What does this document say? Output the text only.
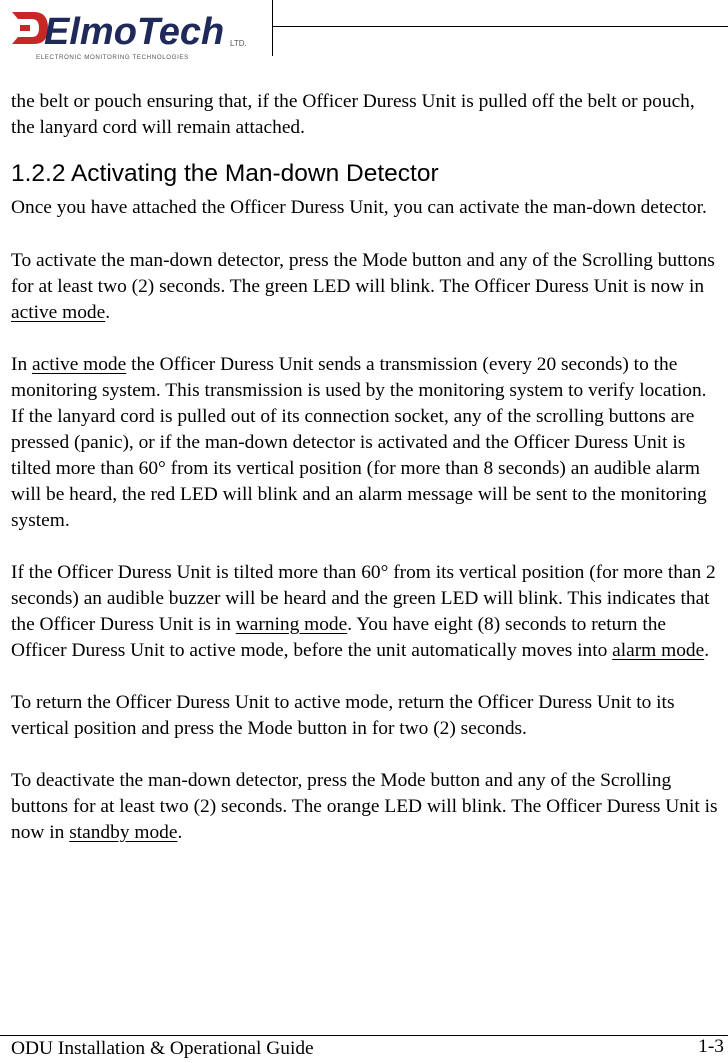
ElmoTech LTD.
ELECTRONIC MONITORING TECHNOLOGIES

the belt or pouch ensuring that, if the Officer Duress Unit is pulled off the belt or pouch, the lanyard cord will remain attached.

1.2.2 Activating the Man-down Detector

Once you have attached the Officer Duress Unit, you can activate the man-down detector.

To activate the man-down detector, press the Mode button and any of the Scrolling buttons for at least two (2) seconds. The green LED will blink. The Officer Duress Unit is now in active mode.

In active mode the Officer Duress Unit sends a transmission (every 20 seconds) to the monitoring system. This transmission is used by the monitoring system to verify location. If the lanyard cord is pulled out of its connection socket, any of the scrolling buttons are pressed (panic), or if the man-down detector is activated and the Officer Duress Unit is tilted more than 60° from its vertical position (for more than 8 seconds) an audible alarm will be heard, the red LED will blink and an alarm message will be sent to the monitoring system.

If the Officer Duress Unit is tilted more than 60° from its vertical position (for more than 2 seconds) an audible buzzer will be heard and the green LED will blink. This indicates that the Officer Duress Unit is in warning mode. You have eight (8) seconds to return the Officer Duress Unit to active mode, before the unit automatically moves into alarm mode.

To return the Officer Duress Unit to active mode, return the Officer Duress Unit to its vertical position and press the Mode button in for two (2) seconds.

To deactivate the man-down detector, press the Mode button and any of the Scrolling buttons for at least two (2) seconds. The orange LED will blink. The Officer Duress Unit is now in standby mode.

ODU Installation & Operational Guide	1-3
